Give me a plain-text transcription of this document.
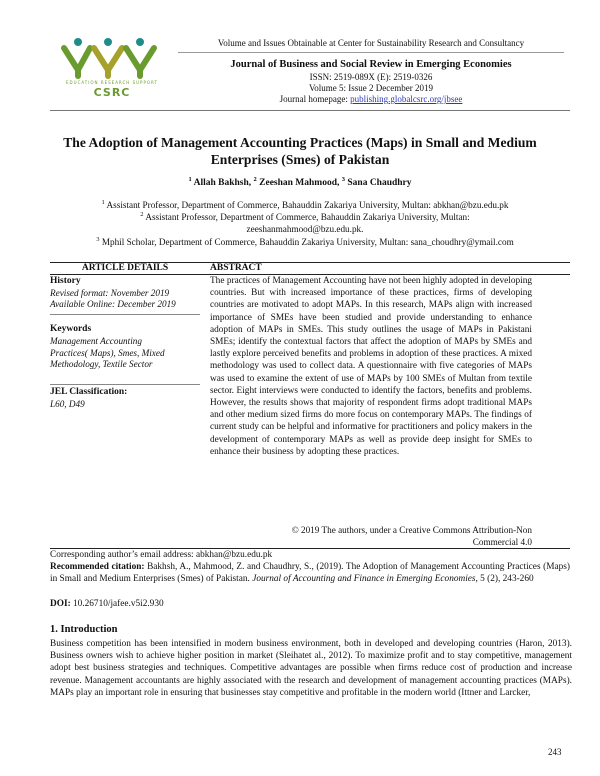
EDUCATION RESEARCH SUPPORT
CSRC
Volume and Issues Obtainable at Center for Sustainability Research and Consultancy
Journal of Business and Social Review in Emerging Economies
ISSN: 2519-089X (E): 2519-0326
Volume 5: Issue 2 December 2019
Journal homepage: publishing.globalcsrc.org/jbsee
The Adoption of Management Accounting Practices (Maps) in Small and Medium
Enterprises (Smes) of Pakistan
$^1$ Allah Bakhsh, $^2$ Zeeshan Mahmood, $^3$ Sana Chaudhry
$^1$ Assistant Professor, Department of Commerce, Bahauddin Zakariya University, Multan: abkhan@bzu.edu.pk
$^2$ Assistant Professor, Department of Commerce, Bahauddin Zakariya University, Multan:
zeeshanmahmood@bzu.edu.pk.
$^3$ Mphil Scholar, Department of Commerce, Bahauddin Zakariya University, Multan: sana_choudhry@ymail.com
ARTICLE DETAILS	ABSTRACT
History
Revised format: November 2019
Available Online: December 2019
Keywords
Management Accounting
Practices( Maps), Smes, Mixed
Methodology, Textile Sector
JEL Classification:
L60, D49
The practices of Management Accounting have not been highly adopted in developing countries. But with increased importance of these practices, firms of developing countries are motivated to adopt MAPs. In this research, MAPs align with increased importance of SMEs have been studied and provide understanding to enhance adoption of MAPs in SMEs. This study outlines the usage of MAPs in Pakistani SMEs; identify the contextual factors that affect the adoption of MAPs by SMEs and lastly explore perceived benefits and problems in adoption of these practices. A mixed methodology was used to collect data. A questionnaire with five categories of MAPs was used to examine the extent of use of MAPs by 100 SMEs of Multan from textile sector. Eight interviews were conducted to identify the factors, benefits and problems. However, the results shows that majority of respondent firms adopt traditional MAPs and other medium sized firms do more focus on contemporary MAPs. The findings of current study can be helpful and informative for practitioners and policy makers in the development of contemporary MAPs as well as provide deep insight for SMEs to enhance their business by adopting these practices.
© 2019 The authors, under a Creative Commons Attribution-Non
Commercial 4.0
Corresponding author’s email address: abkhan@bzu.edu.pk
Recommended citation: Bakhsh, A., Mahmood, Z. and Chaudhry, S., (2019). The Adoption of Management Accounting Practices (Maps) in Small and Medium Enterprises (Smes) of Pakistan. Journal of Accounting and Finance in Emerging Economies, 5 (2), 243-260
DOI: 10.26710/jafee.v5i2.930
1. Introduction
Business competition has been intensified in modern business environment, both in developed and developing countries (Haron, 2013). Business owners wish to achieve higher position in market (Sleihatet al., 2012). To maximize profit and to stay competitive, management adopt best business strategies and techniques. Competitive advantages are possible when firms reduce cost of production and increase revenue. Management accountants are highly associated with the research and development of management accounting practices (MAPs). MAPs play an important role in ensuring that businesses stay competitive and profitable in the modern world (Ittner and Larcker,
243
